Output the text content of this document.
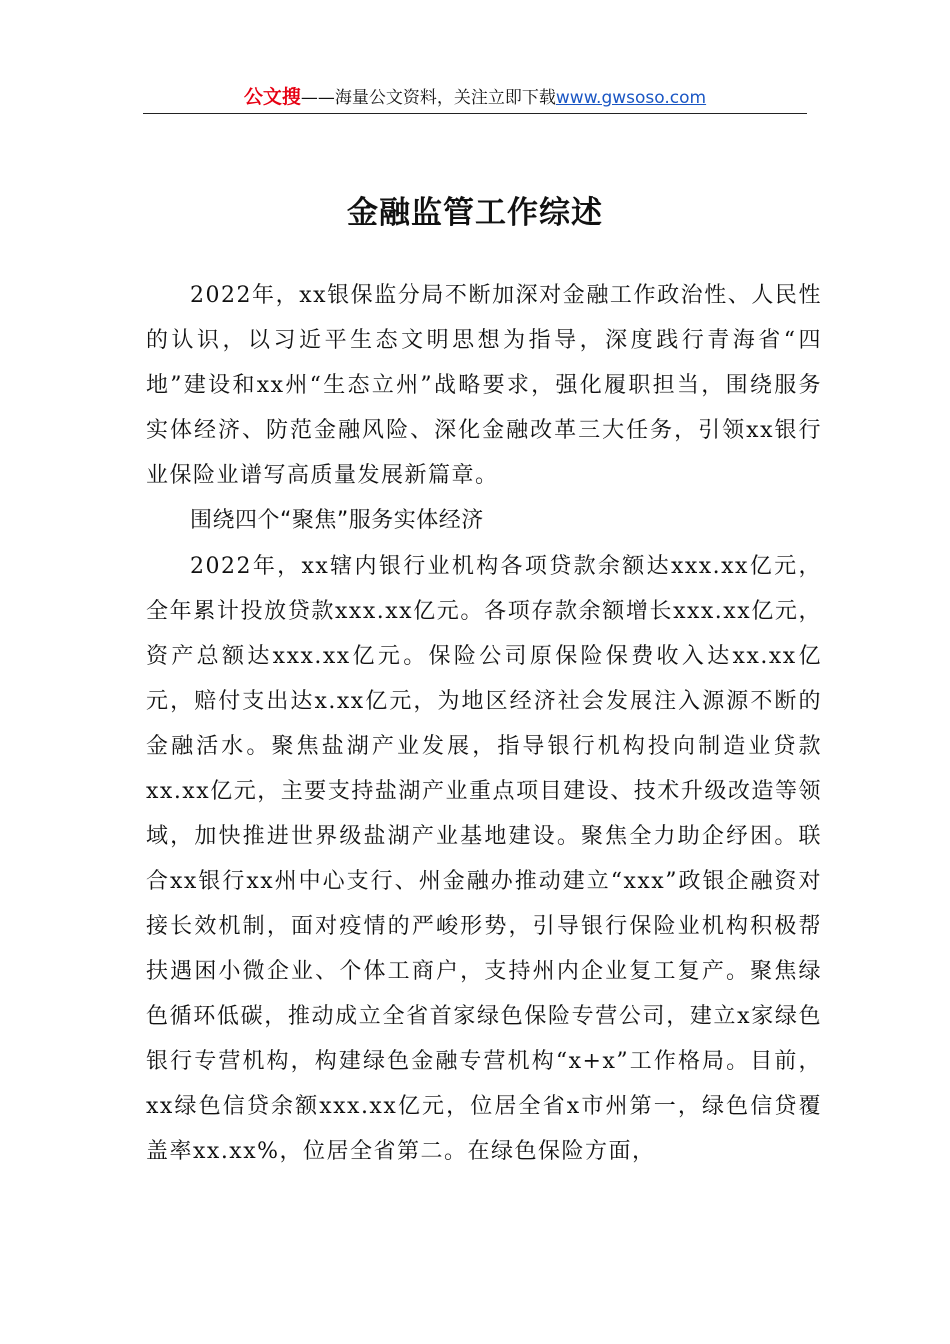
公文搜——海量公文资料，关注立即下载www.gwsoso.com
金融监管工作综述

2022年，xx银保监分局不断加深对金融工作政治性、人民性的认识，以习近平生态文明思想为指导，深度践行青海省“四地”建设和xx州“生态立州”战略要求，强化履职担当，围绕服务实体经济、防范金融风险、深化金融改革三大任务，引领xx银行业保险业谱写高质量发展新篇章。

围绕四个“聚焦”服务实体经济

2022年，xx辖内银行业机构各项贷款余额达xxx.xx亿元，全年累计投放贷款xxx.xx亿元。各项存款余额增长xxx.xx亿元，资产总额达xxx.xx亿元。保险公司原保险保费收入达xx.xx亿元，赔付支出达x.xx亿元，为地区经济社会发展注入源源不断的金融活水。聚焦盐湖产业发展，指导银行机构投向制造业贷款xx.xx亿元，主要支持盐湖产业重点项目建设、技术升级改造等领域，加快推进世界级盐湖产业基地建设。聚焦全力助企纾困。联合xx银行xx州中心支行、州金融办推动建立“xxx”政银企融资对接长效机制，面对疫情的严峻形势，引导银行保险业机构积极帮扶遇困小微企业、个体工商户，支持州内企业复工复产。聚焦绿色循环低碳，推动成立全省首家绿色保险专营公司，建立x家绿色银行专营机构，构建绿色金融专营机构“x+x”工作格局。目前，xx绿色信贷余额xxx.xx亿元，位居全省x市州第一，绿色信贷覆盖率xx.xx%，位居全省第二。在绿色保险方面，
